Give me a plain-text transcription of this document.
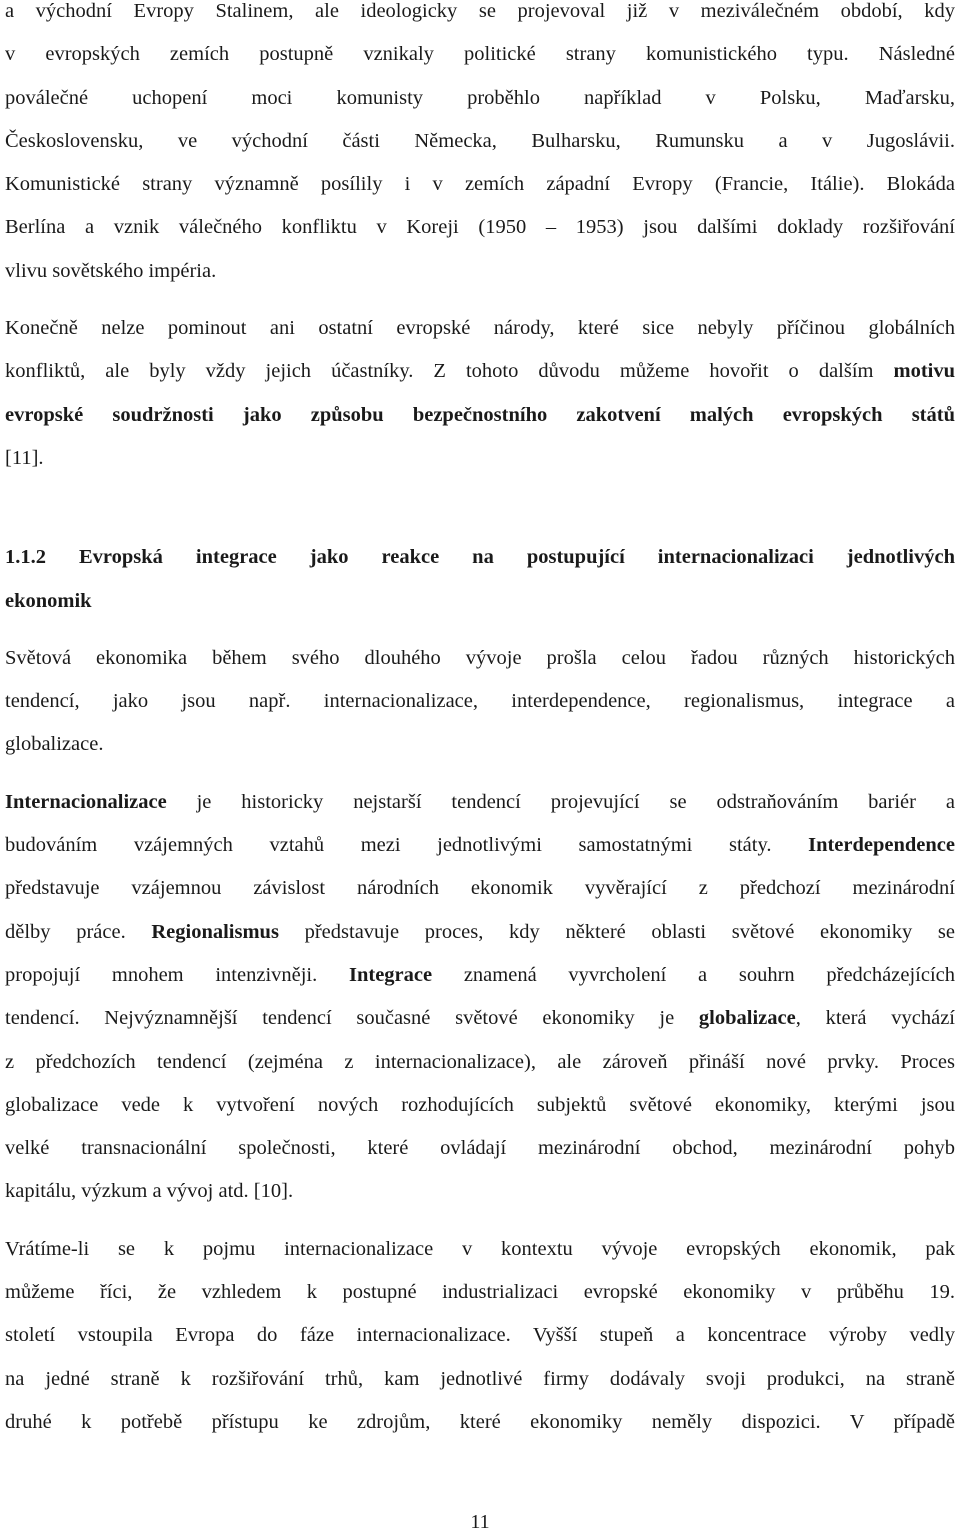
a východní Evropy Stalinem, ale ideologicky se projevoval již v meziválečném období, kdy
v evropských zemích postupně vznikaly politické strany komunistického typu. Následné
poválečné uchopení moci komunisty proběhlo například v Polsku, Maďarsku,
Československu, ve východní části Německa, Bulharsku, Rumunsku a v Jugoslávii.
Komunistické strany významně posílily i v zemích západní Evropy (Francie, Itálie). Blokáda
Berlína a vznik válečného konfliktu v Koreji (1950 – 1953) jsou dalšími doklady rozšiřování
vlivu sovětského impéria.
Konečně nelze pominout ani ostatní evropské národy, které sice nebyly příčinou globálních
konfliktů, ale byly vždy jejich účastníky. Z tohoto důvodu můžeme hovořit o dalším motivu
evropské soudržnosti jako způsobu bezpečnostního zakotvení malých evropských států
[11].
1.1.2 Evropská integrace jako reakce na postupující internacionalizaci jednotlivých
ekonomik
Světová ekonomika během svého dlouhého vývoje prošla celou řadou různých historických
tendencí, jako jsou např. internacionalizace, interdependence, regionalismus, integrace a
globalizace.
Internacionalizace je historicky nejstarší tendencí projevující se odstraňováním bariér a
budováním vzájemných vztahů mezi jednotlivými samostatnými státy. Interdependence
představuje vzájemnou závislost národních ekonomik vyvěrající z předchozí mezinárodní
dělby práce. Regionalismus představuje proces, kdy některé oblasti světové ekonomiky se
propojují mnohem intenzivněji. Integrace znamená vyvrcholení a souhrn předcházejících
tendencí. Nejvýznamnější tendencí současné světové ekonomiky je globalizace, která vychází
z předchozích tendencí (zejména z internacionalizace), ale zároveň přináší nové prvky. Proces
globalizace vede k vytvoření nových rozhodujících subjektů světové ekonomiky, kterými jsou
velké transnacionální společnosti, které ovládají mezinárodní obchod, mezinárodní pohyb
kapitálu, výzkum a vývoj atd. [10].
Vrátíme-li se k pojmu internacionalizace v kontextu vývoje evropských ekonomik, pak
můžeme říci, že vzhledem k postupné industrializaci evropské ekonomiky v průběhu 19.
století vstoupila Evropa do fáze internacionalizace. Vyšší stupeň a koncentrace výroby vedly
na jedné straně k rozšiřování trhů, kam jednotlivé firmy dodávaly svoji produkci, na straně
druhé k potřebě přístupu ke zdrojům, které ekonomiky neměly dispozici. V případě
11
